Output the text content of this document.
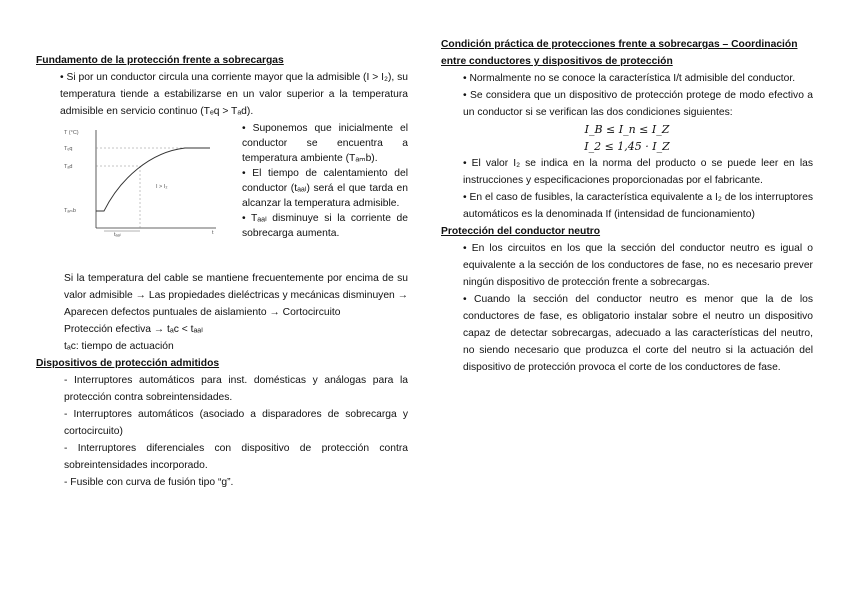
Fundamento de la protección frente a sobrecargas

• Si por un conductor circula una corriente mayor que la admisible (I > I₂), su temperatura tiende a estabilizarse en un valor superior a la temperatura admisible en servicio continuo (Tₑq > Tₐd).

T (°C)
Tₑq
Tₐd
Tₐₘb
t
tₐₐₗ
I > I₂

• Suponemos que inicialmente el conductor se encuentra a temperatura ambiente (Tₐₘb).

• El tiempo de calentamiento del conductor (tₐₐₗ) será el que tarda en alcanzar la temperatura admisible.

• Tₐₐₗ disminuye si la corriente de sobrecarga aumenta.

Si la temperatura del cable se mantiene frecuentemente por encima de su valor admisible → Las propiedades dieléctricas y mecánicas disminuyen → Aparecen defectos puntuales de aislamiento → Cortocircuito

Protección efectiva → tₐc < tₐₐₗ

tₐc: tiempo de actuación

Dispositivos de protección admitidos

- Interruptores automáticos para inst. domésticas y análogas para la protección contra sobreintensidades.

- Interruptores automáticos (asociado a disparadores de sobrecarga y cortocircuito)

- Interruptores diferenciales con dispositivo de protección contra sobreintensidades incorporado.

- Fusible con curva de fusión tipo “g”.

Condición práctica de protecciones frente a sobrecargas – Coordinación entre conductores y dispositivos de protección

• Normalmente no se conoce la característica I/t admisible del conductor.

• Se considera que un dispositivo de protección protege de modo efectivo a un conductor si se verifican las dos condiciones siguientes:

I_B ≤ I_n ≤ I_Z
I_2 ≤ 1,45 · I_Z

• El valor I₂ se indica en la norma del producto o se puede leer en las instrucciones y especificaciones proporcionadas por el fabricante.

• En el caso de fusibles, la característica equivalente a I₂ de los interruptores automáticos es la denominada If (intensidad de funcionamiento)

Protección del conductor neutro

• En los circuitos en los que la sección del conductor neutro es igual o equivalente a la sección de los conductores de fase, no es necesario prever ningún dispositivo de protección frente a sobrecargas.

• Cuando la sección del conductor neutro es menor que la de los conductores de fase, es obligatorio instalar sobre el neutro un dispositivo capaz de detectar sobrecargas, adecuado a las características del neutro, no siendo necesario que produzca el corte del neutro si la actuación del dispositivo de protección provoca el corte de los conductores de fase.
